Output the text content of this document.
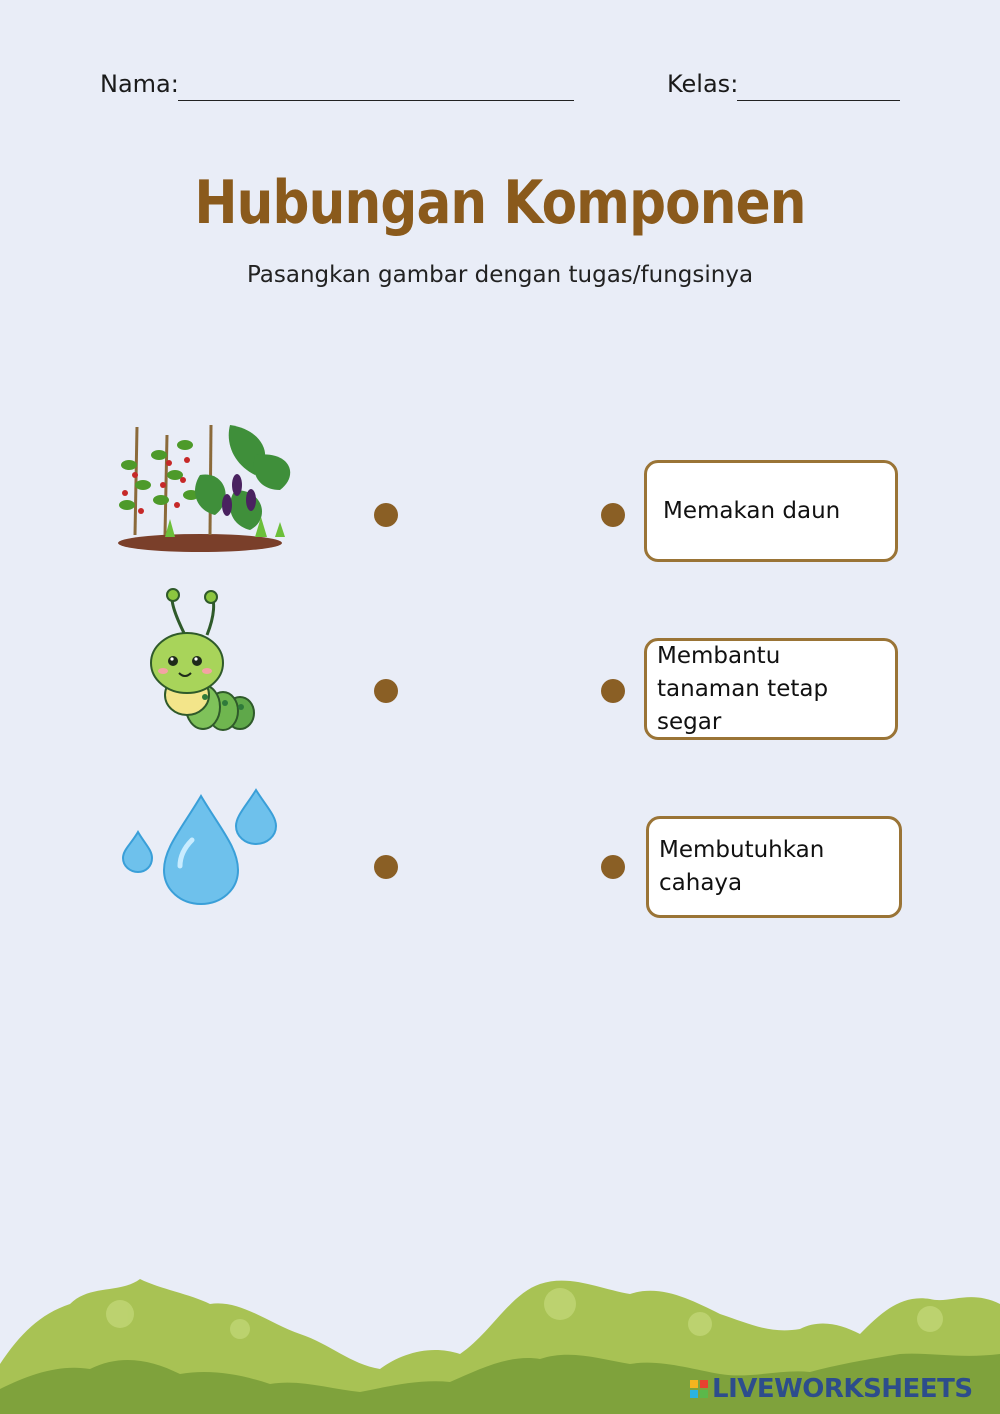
Nama:	Kelas:
Hubungan Komponen
Pasangkan gambar dengan tugas/fungsinya
Memakan daun
Membantu tanaman tetap segar
Membutuhkan cahaya
LIVEWORKSHEETS
